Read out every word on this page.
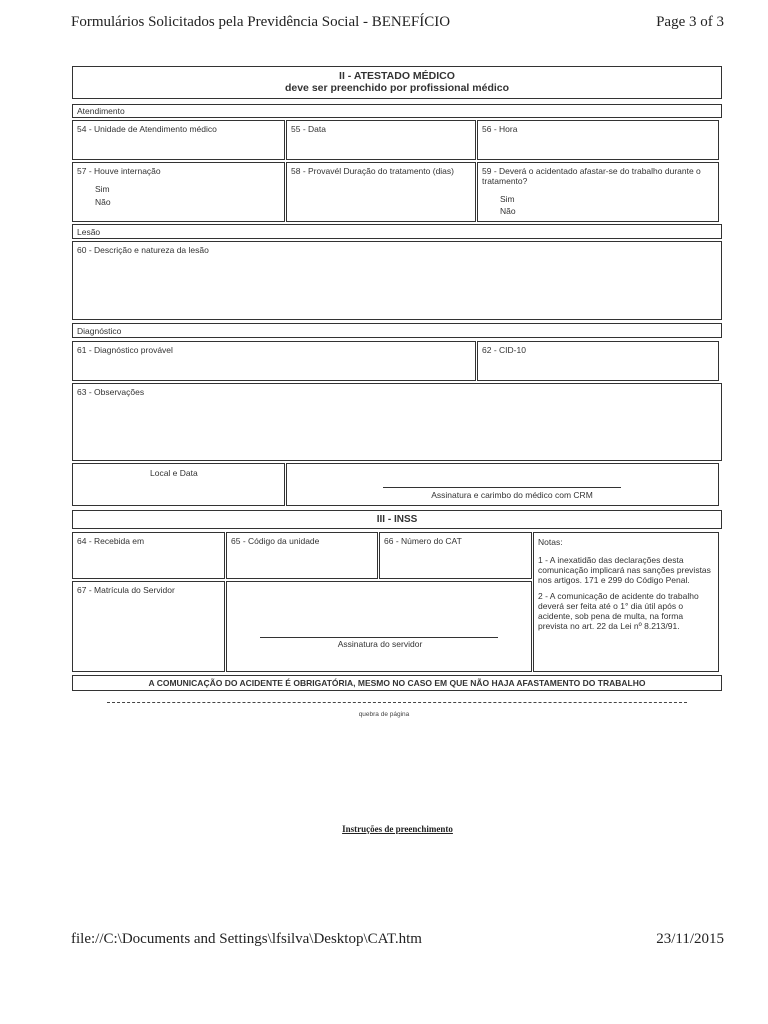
Formulários Solicitados pela Previdência Social - BENEFÍCIO	Page 3 of 3
II - ATESTADO MÉDICO
deve ser preenchido por profissional médico
Atendimento
54 - Unidade de Atendimento médico	55 - Data	56 - Hora
57 - Houve internação
Sim
Não
58 - Provavél Duração do tratamento (dias)	59 - Deverá o acidentado afastar-se do trabalho durante o tratamento?
Sim
Não
Lesão
60 - Descrição e natureza da lesão
Diagnóstico
61 - Diagnóstico provável	62 - CID-10
63 - Observações
Local e Data
Assinatura e carimbo do médico com CRM
III - INSS
64 - Recebida em	65 - Código da unidade	66 - Número do CAT
67 - Matrícula do Servidor
Assinatura do servidor

Notas:

1 - A inexatidão das declarações desta comunicação implicará nas sanções previstas nos artigos. 171 e 299 do Código Penal.

2 - A comunicação de acidente do trabalho deverá ser feita até o 1° dia útil após o acidente, sob pena de multa, na forma prevista no art. 22 da Lei nº 8.213/91.

A COMUNICAÇÃO DO ACIDENTE É OBRIGATÓRIA, MESMO NO CASO EM QUE NÃO HAJA AFASTAMENTO DO TRABALHO
quebra de página
Instruções de preenchimento
file://C:\Documents and Settings\lfsilva\Desktop\CAT.htm	23/11/2015
